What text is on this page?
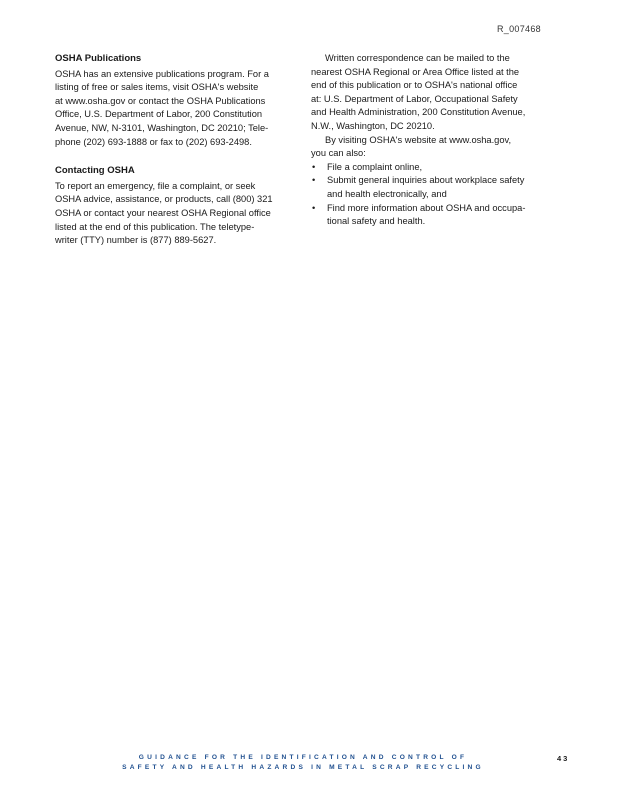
R_007468
OSHA Publications
OSHA has an extensive publications program. For a
listing of free or sales items, visit OSHA's website
at www.osha.gov or contact the OSHA Publications
Office, U.S. Department of Labor, 200 Constitution
Avenue, NW, N-3101, Washington, DC 20210; Tele-
phone (202) 693-1888 or fax to (202) 693-2498.
Contacting OSHA
To report an emergency, file a complaint, or seek
OSHA advice, assistance, or products, call (800) 321
OSHA or contact your nearest OSHA Regional office
listed at the end of this publication. The teletype-
writer (TTY) number is (877) 889-5627.
Written correspondence can be mailed to the
nearest OSHA Regional or Area Office listed at the
end of this publication or to OSHA's national office
at: U.S. Department of Labor, Occupational Safety
and Health Administration, 200 Constitution Avenue,
N.W., Washington, DC 20210.
By visiting OSHA's website at www.osha.gov,
you can also:
• File a complaint online,
• Submit general inquiries about workplace safety
and health electronically, and
• Find more information about OSHA and occupa-
tional safety and health.
GUIDANCE FOR THE IDENTIFICATION AND CONTROL OF
SAFETY AND HEALTH HAZARDS IN METAL SCRAP RECYCLING
43
